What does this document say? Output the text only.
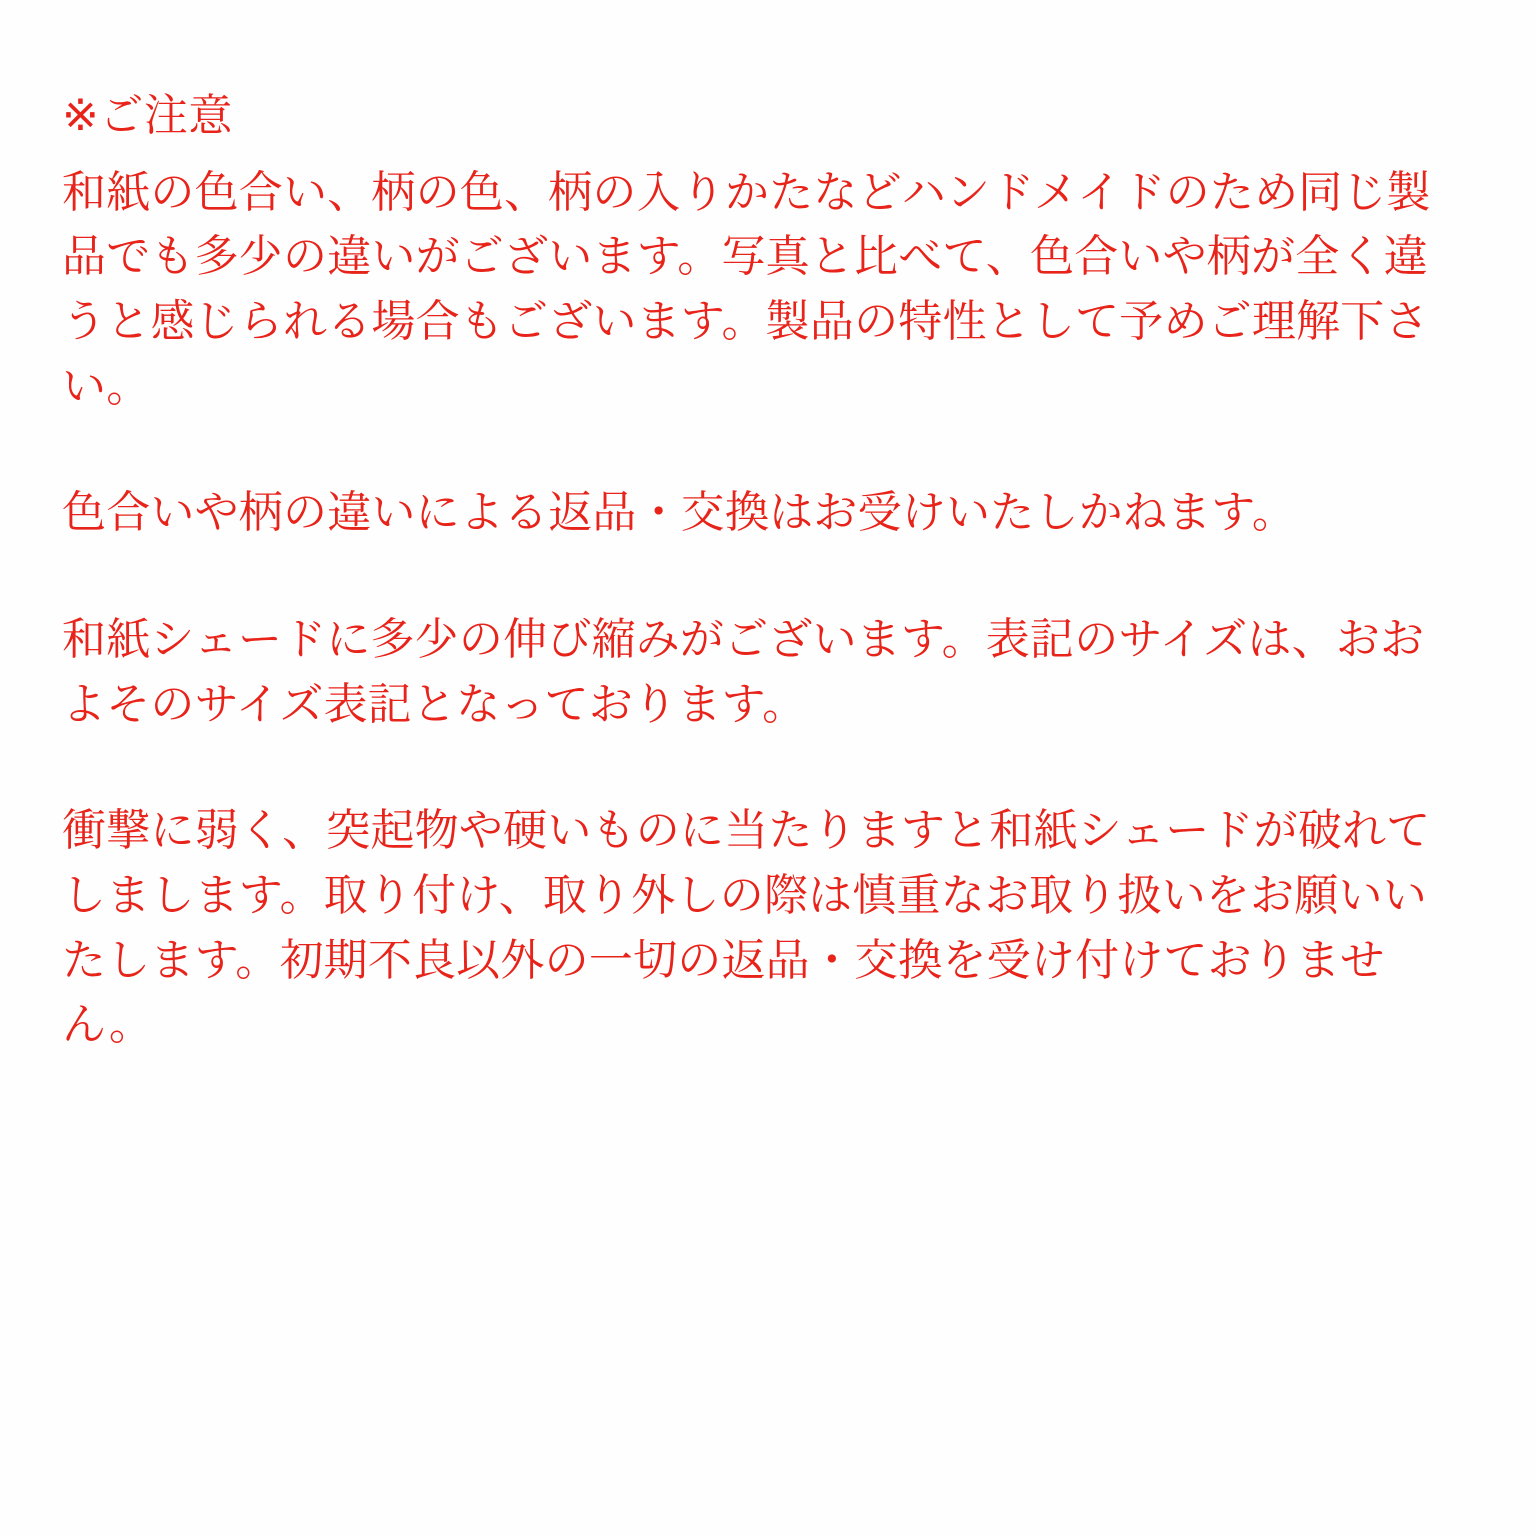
※ご注意

和紙の色合い、柄の色、柄の入りかたなどハンドメイドのため同じ製品でも多少の違いがございます。写真と比べて、色合いや柄が全く違うと感じられる場合もございます。製品の特性として予めご理解下さい。

色合いや柄の違いによる返品・交換はお受けいたしかねます。

和紙シェードに多少の伸び縮みがございます。表記のサイズは、おおよそのサイズ表記となっております。

衝撃に弱く、突起物や硬いものに当たりますと和紙シェードが破れてしまします。取り付け、取り外しの際は慎重なお取り扱いをお願いいたします。初期不良以外の一切の返品・交換を受け付けておりません。
